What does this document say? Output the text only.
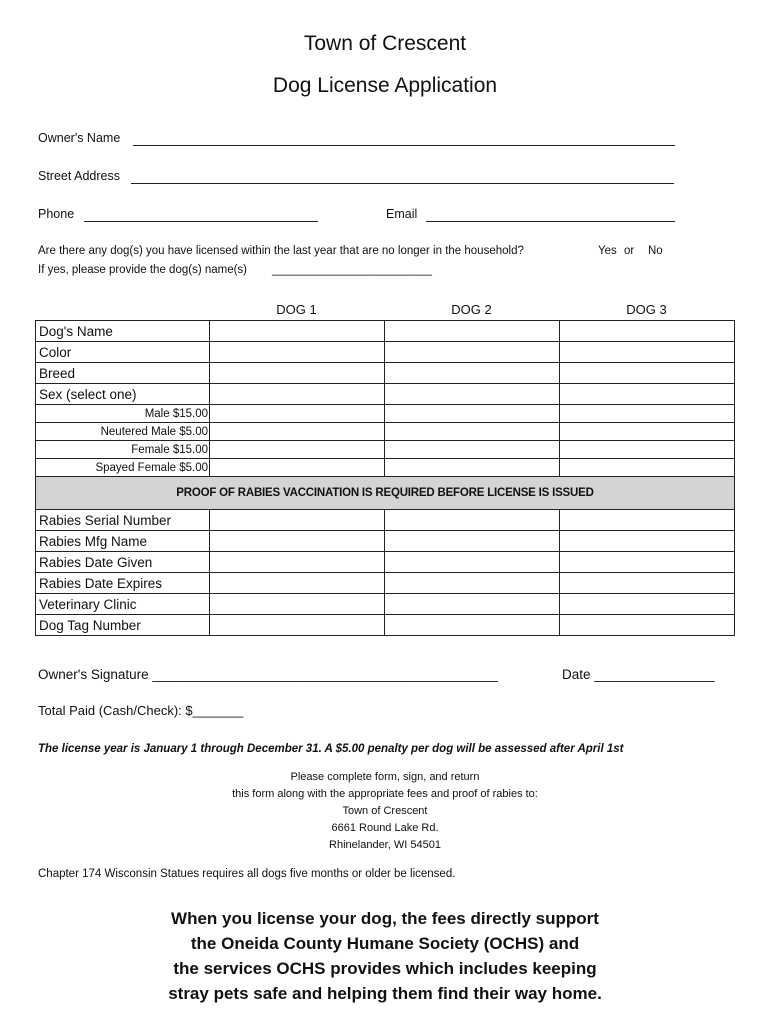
Town of Crescent
Dog License Application
Owner's Name
Street Address
Phone	Email
Are there any dog(s) you have licensed within the last year that are no longer in the household?	Yes or No
If yes, please provide the dog(s) name(s) _________________________
DOG 1	DOG 2	DOG 3
Dog's Name			
Color			
Breed			
Sex (select one)			
Male $15.00			
Neutered Male $5.00			
Female $15.00			
Spayed Female $5.00			
PROOF OF RABIES VACCINATION IS REQUIRED BEFORE LICENSE IS ISSUED			
Rabies Serial Number			
Rabies Mfg Name			
Rabies Date Given			
Rabies Date Expires			
Veterinary Clinic			
Dog Tag Number			
Owner's Signature ______________________________________________	Date ________________
Total Paid (Cash/Check): $_______
The license year is January 1 through December 31. A $5.00 penalty per dog will be assessed after April 1st
Please complete form, sign, and return
this form along with the appropriate fees and proof of rabies to:
Town of Crescent
6661 Round Lake Rd.
Rhinelander, WI 54501
Chapter 174 Wisconsin Statues requires all dogs five months or older be licensed.
When you license your dog, the fees directly support
the Oneida County Humane Society (OCHS) and
the services OCHS provides which includes keeping
stray pets safe and helping them find their way home.
